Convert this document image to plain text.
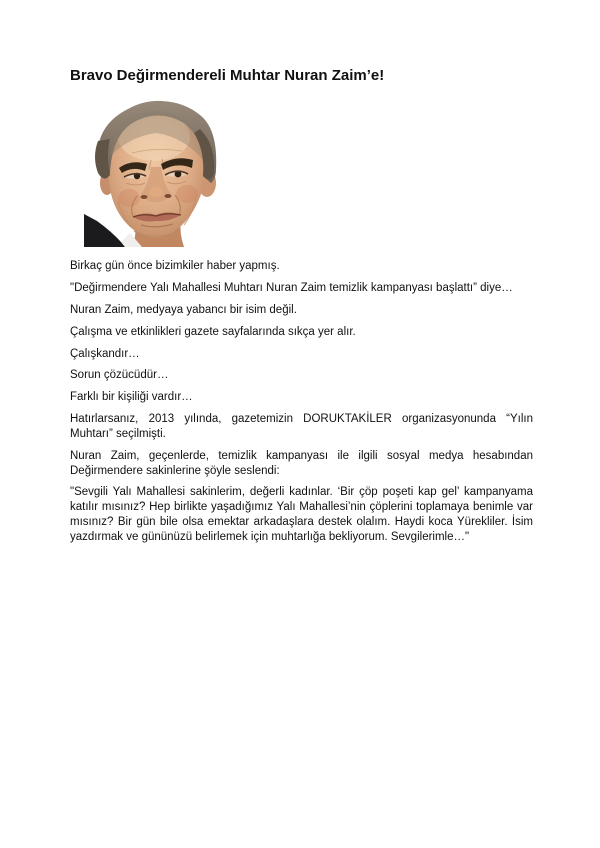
Bravo Değirmendereli Muhtar Nuran Zaim’e!

Birkaç gün önce bizimkiler haber yapmış.

"Değirmendere Yalı Mahallesi Muhtarı Nuran Zaim temizlik kampanyası başlattı” diye…

Nuran Zaim, medyaya yabancı bir isim değil.

Çalışma ve etkinlikleri gazete sayfalarında sıkça yer alır.

Çalışkandır…

Sorun çözücüdür…

Farklı bir kişiliği vardır…

Hatırlarsanız, 2013 yılında, gazetemizin DORUKTAKİLER organizasyonunda “Yılın Muhtarı” seçilmişti.

Nuran Zaim, geçenlerde, temizlik kampanyası ile ilgili sosyal medya hesabından Değirmendere sakinlerine şöyle seslendi:

"Sevgili Yalı Mahallesi sakinlerim, değerli kadınlar. ‘Bir çöp poşeti kap gel’ kampanyama katılır mısınız? Hep birlikte yaşadığımız Yalı Mahallesi’nin çöplerini toplamaya benimle var mısınız? Bir gün bile olsa emektar arkadaşlara destek olalım. Haydi koca Yürekliler. İsim yazdırmak ve gününüzü belirlemek için muhtarlığa bekliyorum. Sevgilerimle…"
